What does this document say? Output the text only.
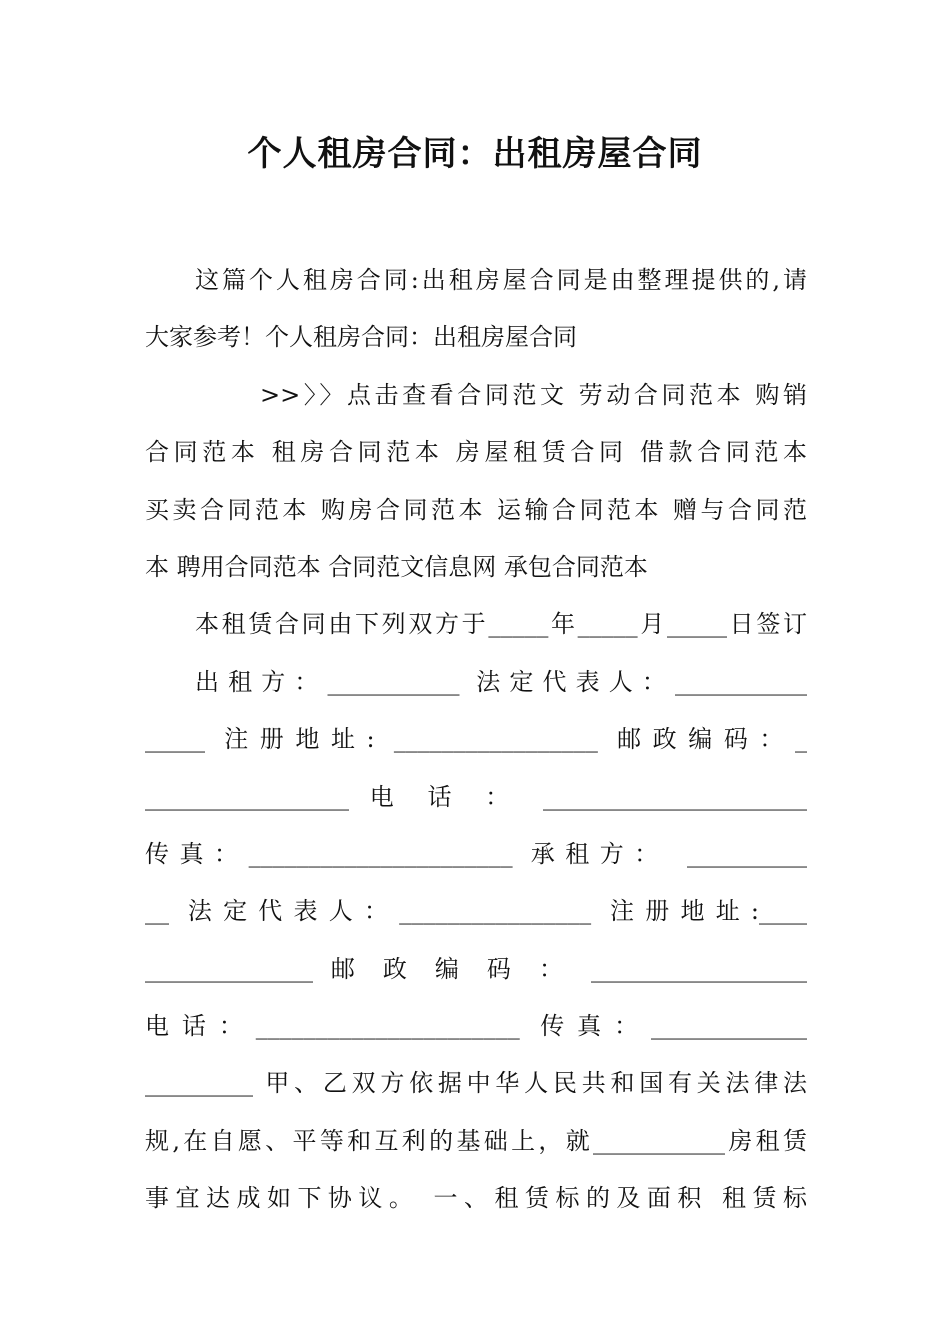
个人租房合同：出租房屋合同
这篇个人租房合同:出租房屋合同是由整理提供的,请
大家参考！个人租房合同：出租房屋合同
>>〉〉点击查看合同范文 劳动合同范本 购销
合同范本 租房合同范本 房屋租赁合同 借款合同范本
买卖合同范本 购房合同范本 运输合同范本 赠与合同范
本 聘用合同范本 合同范文信息网 承包合同范本
本租赁合同由下列双方于_____年_____月_____日签订
出租方：___________ 法定代表人：___________
_____ 注册地址: _________________ 邮政编码：_
_________________ 电 话 ： ______________________
传真：______________________ 承租方： __________
__ 法定代表人：________________ 注册地址:____
______________ 邮 政 编 码 ： __________________
电话：______________________ 传真：_____________
_________ 甲、乙双方依据中华人民共和国有关法律法
规,在自愿、平等和互利的基础上，就___________房租赁
事宜达成如下协议。 一、租赁标的及面积 租赁标
